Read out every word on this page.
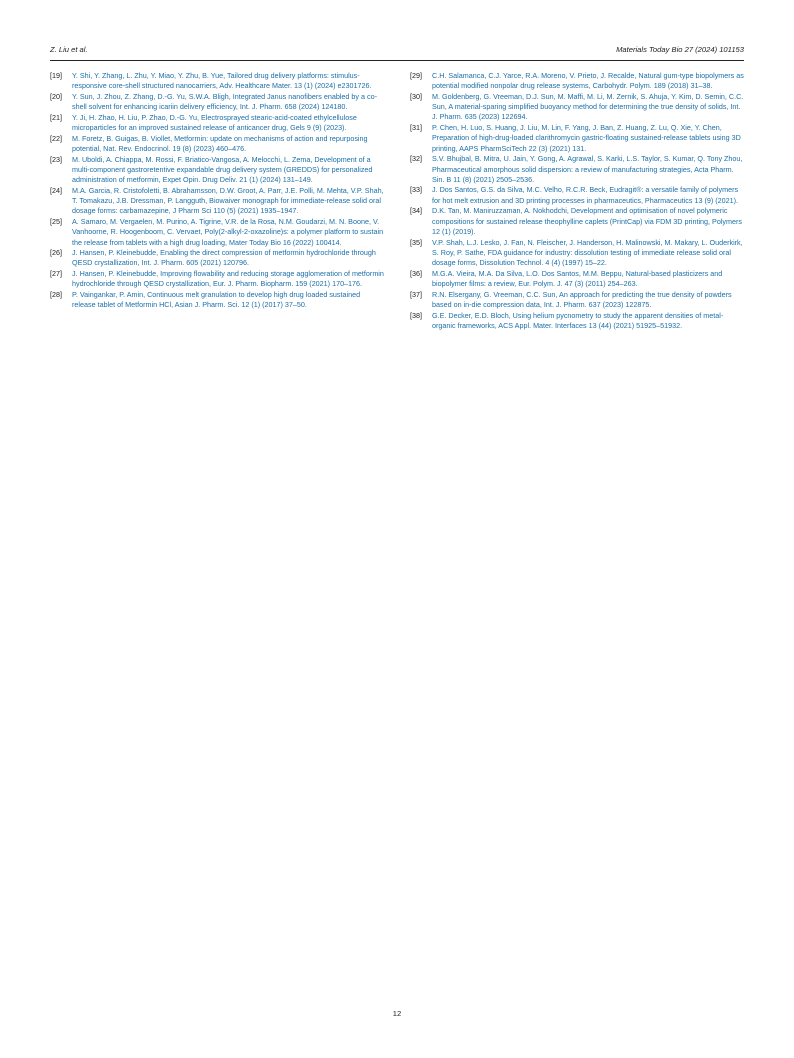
Z. Liu et al.	Materials Today Bio 27 (2024) 101153
[19] Y. Shi, Y. Zhang, L. Zhu, Y. Miao, Y. Zhu, B. Yue, Tailored drug delivery platforms: stimulus-responsive core-shell structured nanocarriers, Adv. Healthcare Mater. 13 (1) (2024) e2301726.
[20] Y. Sun, J. Zhou, Z. Zhang, D.-G. Yu, S.W.A. Bligh, Integrated Janus nanofibers enabled by a co-shell solvent for enhancing icariin delivery efficiency, Int. J. Pharm. 658 (2024) 124180.
[21] Y. Ji, H. Zhao, H. Liu, P. Zhao, D.-G. Yu, Electrosprayed stearic-acid-coated ethylcellulose microparticles for an improved sustained release of anticancer drug, Gels 9 (9) (2023).
[22] M. Foretz, B. Guigas, B. Viollet, Metformin: update on mechanisms of action and repurposing potential, Nat. Rev. Endocrinol. 19 (8) (2023) 460–476.
[23] M. Uboldi, A. Chiappa, M. Rossi, F. Briatico-Vangosa, A. Melocchi, L. Zema, Development of a multi-component gastroretentive expandable drug delivery system (GREDDS) for personalized administration of metformin, Expet Opin. Drug Deliv. 21 (1) (2024) 131–149.
[24] M.A. Garcia, R. Cristofoletti, B. Abrahamsson, D.W. Groot, A. Parr, J.E. Polli, M. Mehta, V.P. Shah, T. Tomakazu, J.B. Dressman, P. Langguth, Biowaiver monograph for immediate-release solid oral dosage forms: carbamazepine, J Pharm Sci 110 (5) (2021) 1935–1947.
[25] A. Samaro, M. Vergaelen, M. Purino, A. Tigrine, V.R. de la Rosa, N.M. Goudarzi, M. N. Boone, V. Vanhoorne, R. Hoogenboom, C. Vervaet, Poly(2-alkyl-2-oxazoline)s: a polymer platform to sustain the release from tablets with a high drug loading, Mater Today Bio 16 (2022) 100414.
[26] J. Hansen, P. Kleinebudde, Enabling the direct compression of metformin hydrochloride through QESD crystallization, Int. J. Pharm. 605 (2021) 120796.
[27] J. Hansen, P. Kleinebudde, Improving flowability and reducing storage agglomeration of metformin hydrochloride through QESD crystallization, Eur. J. Pharm. Biopharm. 159 (2021) 170–176.
[28] P. Vaingankar, P. Amin, Continuous melt granulation to develop high drug loaded sustained release tablet of Metformin HCl, Asian J. Pharm. Sci. 12 (1) (2017) 37–50.
[29] C.H. Salamanca, C.J. Yarce, R.A. Moreno, V. Prieto, J. Recalde, Natural gum-type biopolymers as potential modified nonpolar drug release systems, Carbohydr. Polym. 189 (2018) 31–38.
[30] M. Goldenberg, G. Vreeman, D.J. Sun, M. Maffi, M. Li, M. Zernik, S. Ahuja, Y. Kim, D. Semin, C.C. Sun, A material-sparing simplified buoyancy method for determining the true density of solids, Int. J. Pharm. 635 (2023) 122694.
[31] P. Chen, H. Luo, S. Huang, J. Liu, M. Lin, F. Yang, J. Ban, Z. Huang, Z. Lu, Q. Xie, Y. Chen, Preparation of high-drug-loaded clarithromycin gastric-floating sustained-release tablets using 3D printing, AAPS PharmSciTech 22 (3) (2021) 131.
[32] S.V. Bhujbal, B. Mitra, U. Jain, Y. Gong, A. Agrawal, S. Karki, L.S. Taylor, S. Kumar, Q. Tony Zhou, Pharmaceutical amorphous solid dispersion: a review of manufacturing strategies, Acta Pharm. Sin. B 11 (8) (2021) 2505–2536.
[33] J. Dos Santos, G.S. da Silva, M.C. Velho, R.C.R. Beck, Eudragit®: a versatile family of polymers for hot melt extrusion and 3D printing processes in pharmaceutics, Pharmaceutics 13 (9) (2021).
[34] D.K. Tan, M. Maniruzzaman, A. Nokhodchi, Development and optimisation of novel polymeric compositions for sustained release theophylline caplets (PrintCap) via FDM 3D printing, Polymers 12 (1) (2019).
[35] V.P. Shah, L.J. Lesko, J. Fan, N. Fleischer, J. Handerson, H. Malinowski, M. Makary, L. Ouderkirk, S. Roy, P. Sathe, FDA guidance for industry: dissolution testing of immediate release solid oral dosage forms, Dissolution Technol. 4 (4) (1997) 15–22.
[36] M.G.A. Vieira, M.A. Da Silva, L.O. Dos Santos, M.M. Beppu, Natural-based plasticizers and biopolymer films: a review, Eur. Polym. J. 47 (3) (2011) 254–263.
[37] R.N. Elsergany, G. Vreeman, C.C. Sun, An approach for predicting the true density of powders based on in-die compression data, Int. J. Pharm. 637 (2023) 122875.
[38] G.E. Decker, E.D. Bloch, Using helium pycnometry to study the apparent densities of metal-organic frameworks, ACS Appl. Mater. Interfaces 13 (44) (2021) 51925–51932.
12
